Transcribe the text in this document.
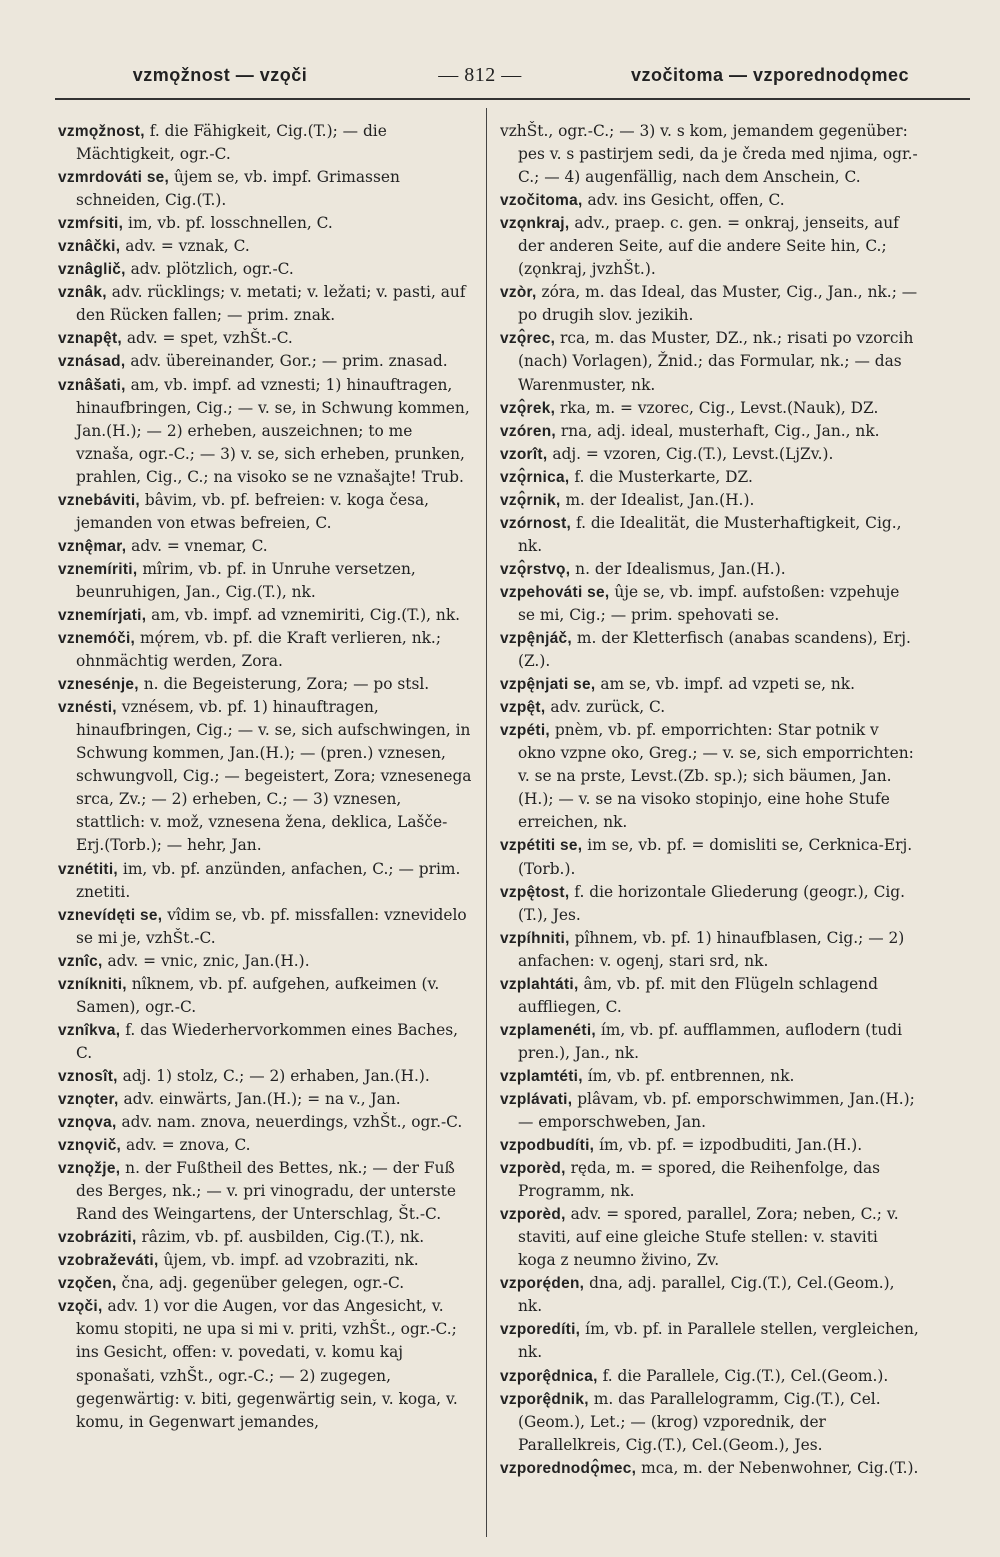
vzmǫžnost — vzǫči	— 812 —	vzočitoma — vzporednodǫmec

vzmǫžnost, f. die Fähigkeit, Cig.(T.); — die Mächtigkeit, ogr.-C.

vzmrdováti se, ûjem se, vb. impf. Grimassen schneiden, Cig.(T.).

vzmŕsiti, im, vb. pf. losschnellen, C.

vznâčki, adv. = vznak, C.

vznâglič, adv. plötzlich, ogr.-C.

vznâk, adv. rücklings; v. metati; v. ležati; v. pasti, auf den Rücken fallen; — prim. znak.

vznapę̂t, adv. = spet, vzhŠt.-C.

vznásad, adv. übereinander, Gor.; — prim. znasad.

vznâšati, am, vb. impf. ad vznesti; 1) hinauftragen, hinaufbringen, Cig.; — v. se, in Schwung kommen, Jan.(H.); — 2) erheben, auszeichnen; to me vznaša, ogr.-C.; — 3) v. se, sich erheben, prunken, prahlen, Cig., C.; na visoko se ne vznašajte! Trub.

vznebáviti, bâvim, vb. pf. befreien: v. koga česa, jemanden von etwas befreien, C.

vznę̂mar, adv. = vnemar, C.

vznemíriti, mîrim, vb. pf. in Unruhe versetzen, beunruhigen, Jan., Cig.(T.), nk.

vznemírjati, am, vb. impf. ad vznemiriti, Cig.(T.), nk.

vznemóči, mǫ́rem, vb. pf. die Kraft verlieren, nk.; ohnmächtig werden, Zora.

vznesénje, n. die Begeisterung, Zora; — po stsl.

vznésti, vznésem, vb. pf. 1) hinauftragen, hinaufbringen, Cig.; — v. se, sich aufschwingen, in Schwung kommen, Jan.(H.); — (pren.) vznesen, schwungvoll, Cig.; — begeistert, Zora; vznesenega srca, Zv.; — 2) erheben, C.; — 3) vznesen, stattlich: v. mož, vznesena žena, deklica, Lašče-Erj.(Torb.); — hehr, Jan.

vznétiti, im, vb. pf. anzünden, anfachen, C.; — prim. znetiti.

vznevídęti se, vîdim se, vb. pf. missfallen: vznevidelo se mi je, vzhŠt.-C.

vznîc, adv. = vnic, znic, Jan.(H.).

vzníkniti, nîknem, vb. pf. aufgehen, aufkeimen (v. Samen), ogr.-C.

vznîkva, f. das Wiederhervorkommen eines Baches, C.

vznosît, adj. 1) stolz, C.; — 2) erhaben, Jan.(H.).

vznǫter, adv. einwärts, Jan.(H.); = na v., Jan.

vznǫva, adv. nam. znova, neuerdings, vzhŠt., ogr.-C.

vznǫvič, adv. = znova, C.

vznǫžje, n. der Fußtheil des Bettes, nk.; — der Fuß des Berges, nk.; — v. pri vinogradu, der unterste Rand des Weingartens, der Unterschlag, Št.-C.

vzobráziti, râzim, vb. pf. ausbilden, Cig.(T.), nk.

vzobraževáti, ûjem, vb. impf. ad vzobraziti, nk.

vzǫčen, čna, adj. gegenüber gelegen, ogr.-C.

vzǫči, adv. 1) vor die Augen, vor das Angesicht, v. komu stopiti, ne upa si mi v. priti, vzhŠt., ogr.-C.; ins Gesicht, offen: v. povedati, v. komu kaj sponašati, vzhŠt., ogr.-C.; — 2) zugegen, gegenwärtig: v. biti, gegenwärtig sein, v. koga, v. komu, in Gegenwart jemandes,

vzhŠt., ogr.-C.; — 3) v. s kom, jemandem gegenüber: pes v. s pastirjem sedi, da je čreda med njima, ogr.-C.; — 4) augenfällig, nach dem Anschein, C.

vzočitoma, adv. ins Gesicht, offen, C.

vzǫnkraj, adv., praep. c. gen. = onkraj, jenseits, auf der anderen Seite, auf die andere Seite hin, C.; (zǫnkraj, jvzhŠt.).

vzòr, zóra, m. das Ideal, das Muster, Cig., Jan., nk.; — po drugih slov. jezikih.

vzǫ̂rec, rca, m. das Muster, DZ., nk.; risati po vzorcih (nach) Vorlagen), Žnid.; das Formular, nk.; — das Warenmuster, nk.

vzǫ̂rek, rka, m. = vzorec, Cig., Levst.(Nauk), DZ.

vzóren, rna, adj. ideal, musterhaft, Cig., Jan., nk.

vzorît, adj. = vzoren, Cig.(T.), Levst.(LjZv.).

vzǫ̂rnica, f. die Musterkarte, DZ.

vzǫ̂rnik, m. der Idealist, Jan.(H.).

vzórnost, f. die Idealität, die Musterhaftigkeit, Cig., nk.

vzǫ̂rstvǫ, n. der Idealismus, Jan.(H.).

vzpehováti se, ûje se, vb. impf. aufstoßen: vzpehuje se mi, Cig.; — prim. spehovati se.

vzpę̂njáč, m. der Kletterfisch (anabas scandens), Erj.(Z.).

vzpę̂njati se, am se, vb. impf. ad vzpeti se, nk.

vzpę̂t, adv. zurück, C.

vzpéti, pnèm, vb. pf. emporrichten: Star potnik v okno vzpne oko, Greg.; — v. se, sich emporrichten: v. se na prste, Levst.(Zb. sp.); sich bäumen, Jan.(H.); — v. se na visoko stopinjo, eine hohe Stufe erreichen, nk.

vzpétiti se, im se, vb. pf. = domisliti se, Cerknica-Erj.(Torb.).

vzpę̂tost, f. die horizontale Gliederung (geogr.), Cig.(T.), Jes.

vzpíhniti, pîhnem, vb. pf. 1) hinaufblasen, Cig.; — 2) anfachen: v. ogenj, stari srd, nk.

vzplahtáti, âm, vb. pf. mit den Flügeln schlagend auffliegen, C.

vzplamenéti, ím, vb. pf. aufflammen, auflodern (tudi pren.), Jan., nk.

vzplamtéti, ím, vb. pf. entbrennen, nk.

vzplávati, plâvam, vb. pf. emporschwimmen, Jan.(H.); — emporschweben, Jan.

vzpodbudíti, ím, vb. pf. = izpodbuditi, Jan.(H.).

vzporèd, ręda, m. = spored, die Reihenfolge, das Programm, nk.

vzporèd, adv. = spored, parallel, Zora; neben, C.; v. staviti, auf eine gleiche Stufe stellen: v. staviti koga z neumno živino, Zv.

vzporę́den, dna, adj. parallel, Cig.(T.), Cel.(Geom.), nk.

vzporedíti, ím, vb. pf. in Parallele stellen, vergleichen, nk.

vzporę̂dnica, f. die Parallele, Cig.(T.), Cel.(Geom.).

vzporę̂dnik, m. das Parallelogramm, Cig.(T.), Cel.(Geom.), Let.; — (krog) vzporednik, der Parallelkreis, Cig.(T.), Cel.(Geom.), Jes.

vzporednodǫ̂mec, mca, m. der Nebenwohner, Cig.(T.).
